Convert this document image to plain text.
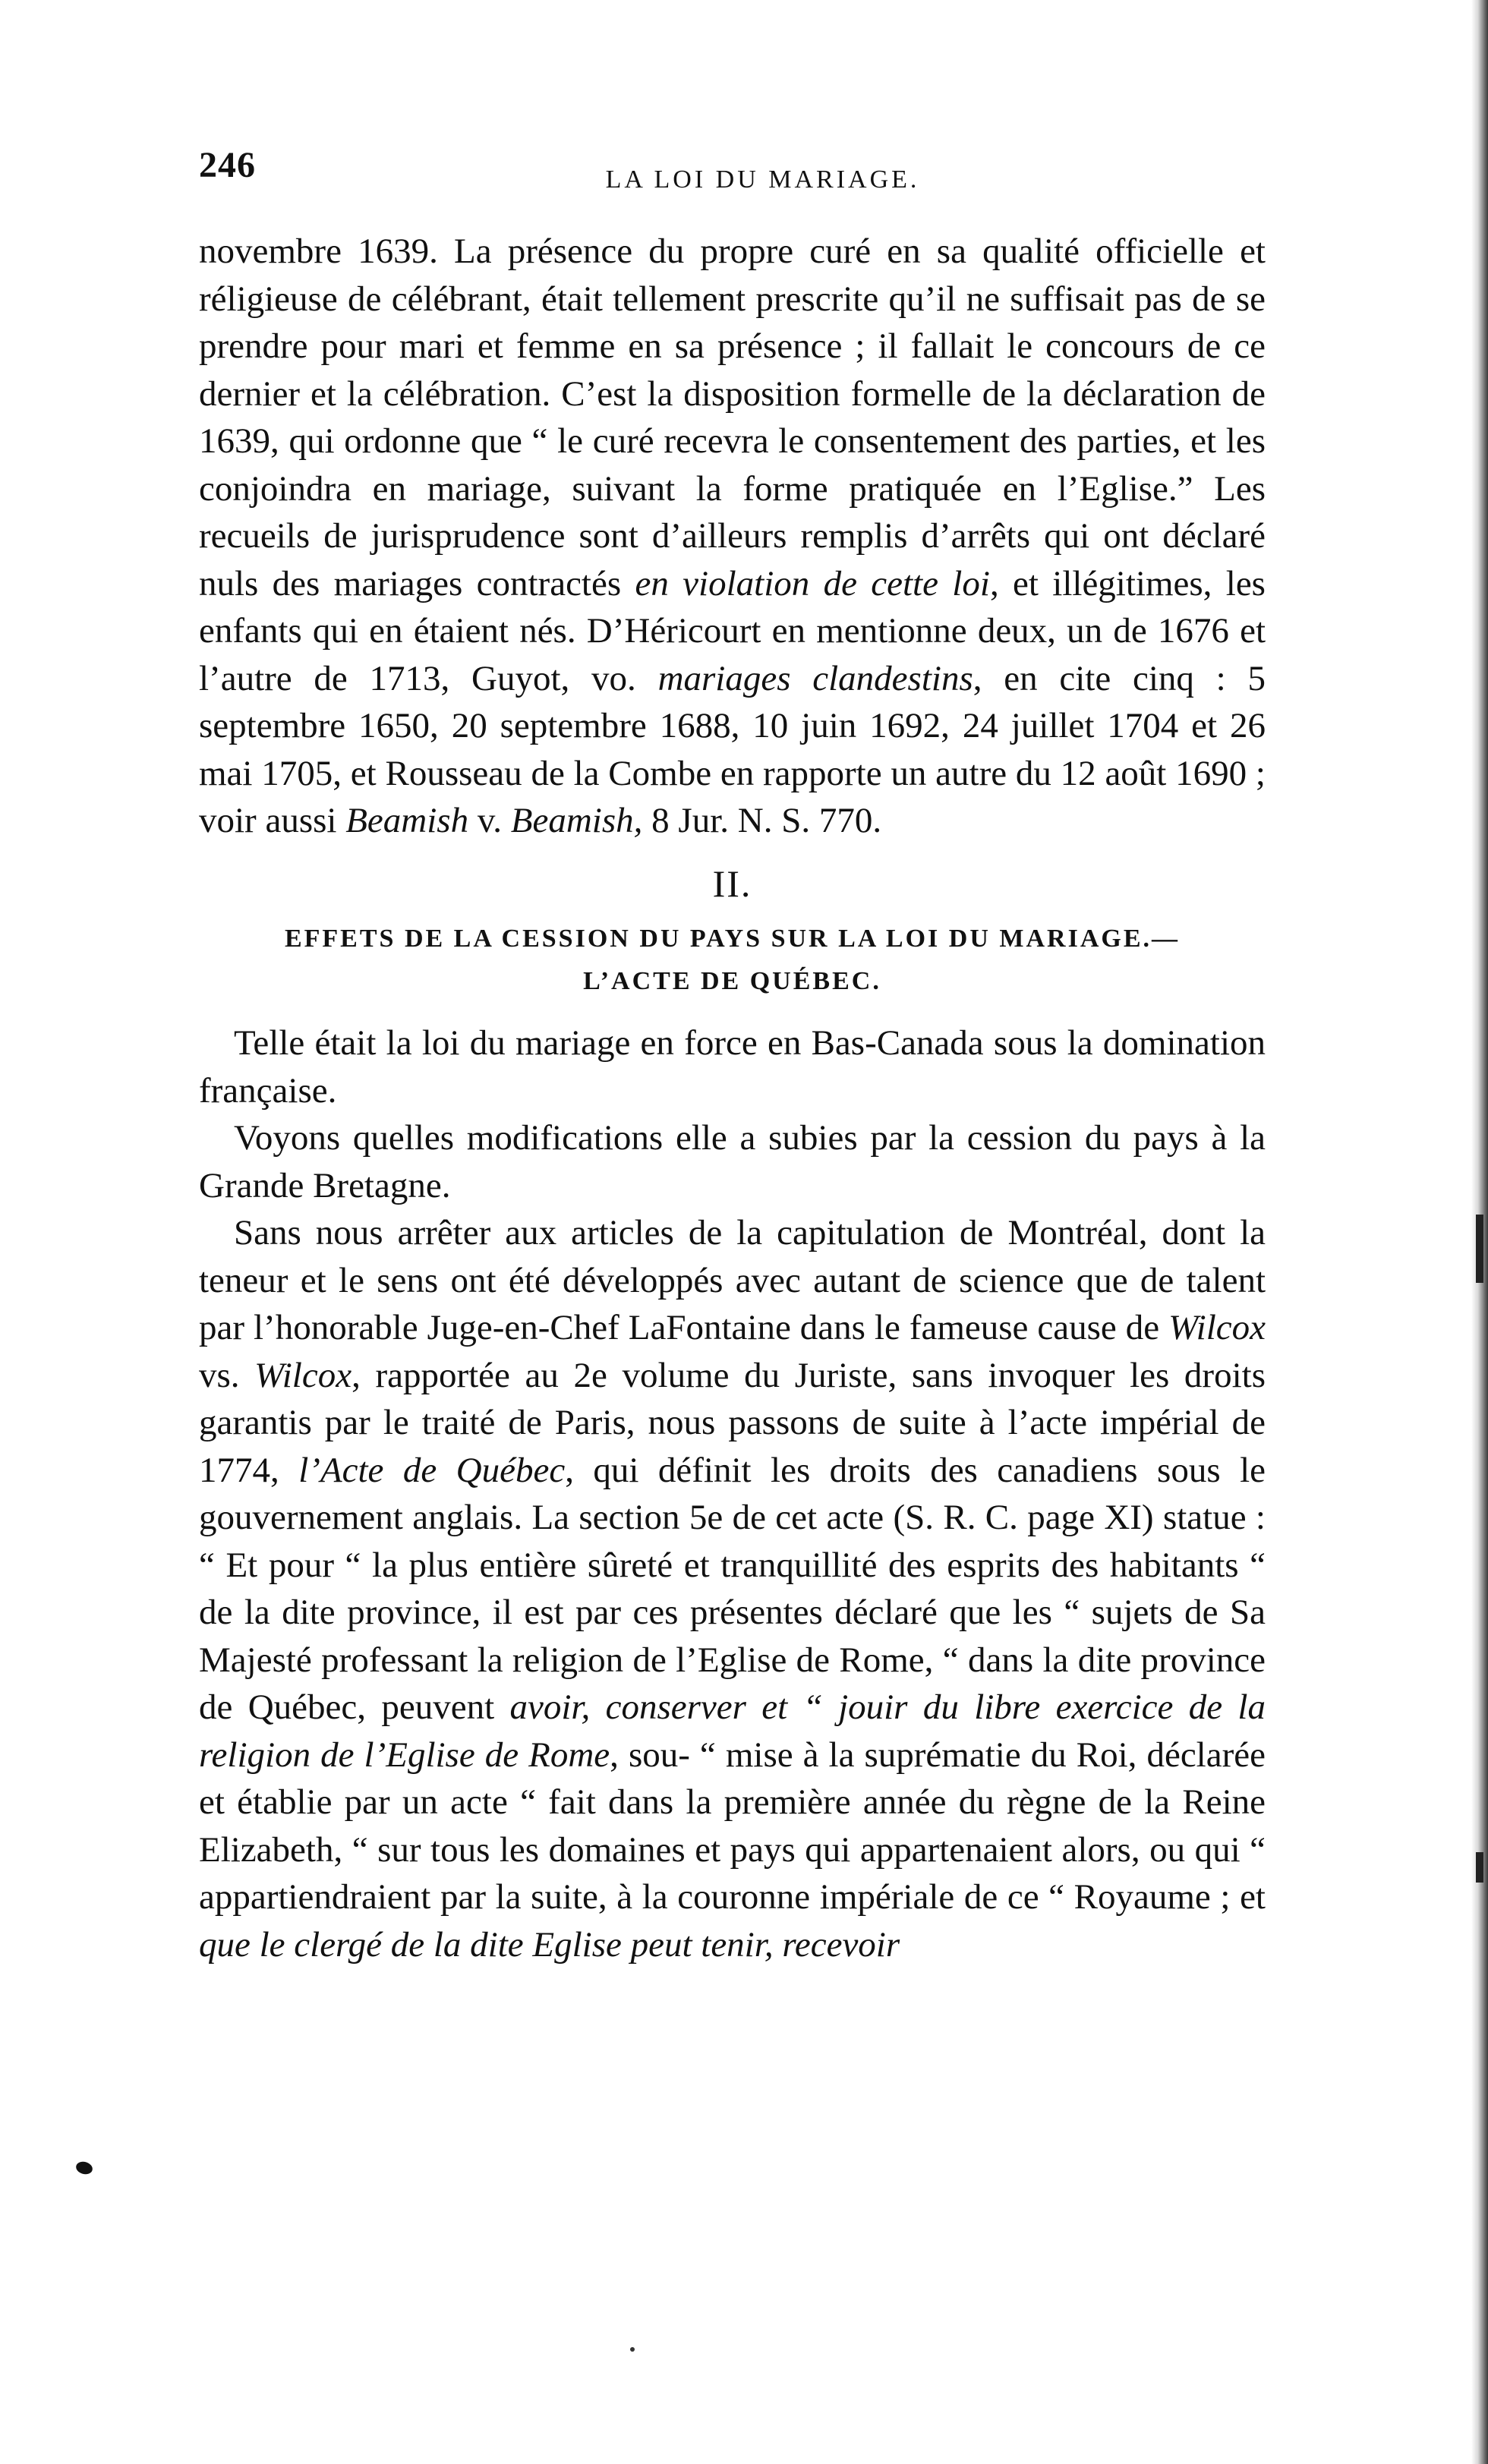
246	LA LOI DU MARIAGE.

novembre 1639. La présence du propre curé en sa qualité officielle et réligieuse de célébrant, était tellement prescrite qu’il ne suffisait pas de se prendre pour mari et femme en sa présence ; il fallait le concours de ce dernier et la célébration. C’est la disposition formelle de la déclaration de 1639, qui ordonne que “ le curé recevra le consentement des parties, et les conjoindra en mariage, suivant la forme pratiquée en l’Eglise.” Les recueils de jurisprudence sont d’ailleurs remplis d’arrêts qui ont déclaré nuls des mariages contractés en violation de cette loi, et illégitimes, les enfants qui en étaient nés. D’Héricourt en mentionne deux, un de 1676 et l’autre de 1713, Guyot, vo. mariages clandestins, en cite cinq : 5 septembre 1650, 20 septembre 1688, 10 juin 1692, 24 juillet 1704 et 26 mai 1705, et Rousseau de la Combe en rapporte un autre du 12 août 1690 ; voir aussi Beamish v. Beamish, 8 Jur. N. S. 770.

II.
EFFETS DE LA CESSION DU PAYS SUR LA LOI DU MARIAGE.—
L’ACTE DE QUÉBEC.

Telle était la loi du mariage en force en Bas-Canada sous la domination française.

Voyons quelles modifications elle a subies par la cession du pays à la Grande Bretagne.

Sans nous arrêter aux articles de la capitulation de Montréal, dont la teneur et le sens ont été développés avec autant de science que de talent par l’honorable Juge-en-Chef LaFontaine dans le fameuse cause de Wilcox vs. Wilcox, rapportée au 2e volume du Juriste, sans invoquer les droits garantis par le traité de Paris, nous passons de suite à l’acte impérial de 1774, l’Acte de Québec, qui définit les droits des canadiens sous le gouvernement anglais. La section 5e de cet acte (S. R. C. page XI) statue : “ Et pour “ la plus entière sûreté et tranquillité des esprits des habitants “ de la dite province, il est par ces présentes déclaré que les “ sujets de Sa Majesté professant la religion de l’Eglise de Rome, “ dans la dite province de Québec, peuvent avoir, conserver et “ jouir du libre exercice de la religion de l’Eglise de Rome, sou- “ mise à la suprématie du Roi, déclarée et établie par un acte “ fait dans la première année du règne de la Reine Elizabeth, “ sur tous les domaines et pays qui appartenaient alors, ou qui “ appartiendraient par la suite, à la couronne impériale de ce “ Royaume ; et que le clergé de la dite Eglise peut tenir, recevoir
